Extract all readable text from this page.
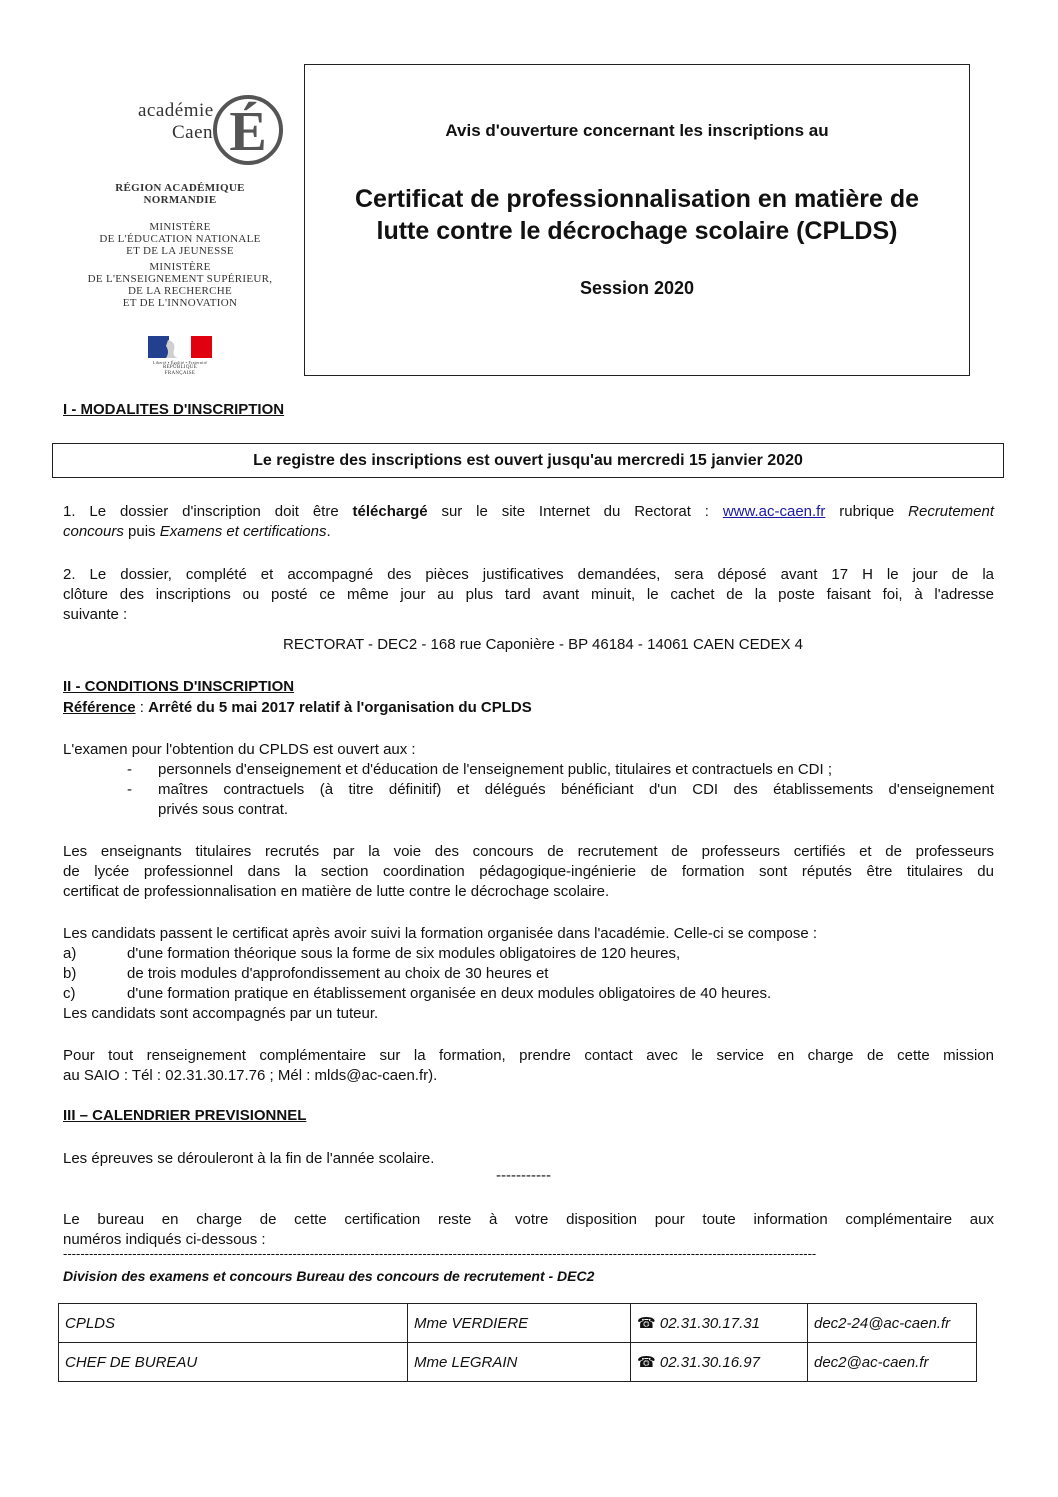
académie
Caen É
RÉGION ACADÉMIQUE
NORMANDIE
MINISTÈRE
DE L'ÉDUCATION NATIONALE
ET DE LA JEUNESSE
MINISTÈRE
DE L'ENSEIGNEMENT SUPÉRIEUR,
DE LA RECHERCHE
ET DE L'INNOVATION
Liberté • Égalité • Fraternité
RÉPUBLIQUE FRANÇAISE
Avis d'ouverture concernant les inscriptions au
Certificat de professionnalisation en matière de
lutte contre le décrochage scolaire (CPLDS)
Session 2020
I - MODALITES D'INSCRIPTION
Le registre des inscriptions est ouvert jusqu'au mercredi 15 janvier 2020
1. Le dossier d'inscription doit être téléchargé sur le site Internet du Rectorat : www.ac-caen.fr rubrique Recrutement
concours puis Examens et certifications.
2. Le dossier, complété et accompagné des pièces justificatives demandées, sera déposé avant 17 H le jour de la
clôture des inscriptions ou posté ce même jour au plus tard avant minuit, le cachet de la poste faisant foi, à l'adresse
suivante :
RECTORAT - DEC2 - 168 rue Caponière - BP 46184 - 14061 CAEN CEDEX 4
II - CONDITIONS D'INSCRIPTION
Référence : Arrêté du 5 mai 2017 relatif à l'organisation du CPLDS
L'examen pour l'obtention du CPLDS est ouvert aux :
- personnels d'enseignement et d'éducation de l'enseignement public, titulaires et contractuels en CDI ;
- maîtres contractuels (à titre définitif) et délégués bénéficiant d'un CDI des établissements d'enseignement
privés sous contrat.
Les enseignants titulaires recrutés par la voie des concours de recrutement de professeurs certifiés et de professeurs
de lycée professionnel dans la section coordination pédagogique-ingénierie de formation sont réputés être titulaires du
certificat de professionnalisation en matière de lutte contre le décrochage scolaire.
Les candidats passent le certificat après avoir suivi la formation organisée dans l'académie. Celle-ci se compose :
a)	d'une formation théorique sous la forme de six modules obligatoires de 120 heures,
b)	de trois modules d'approfondissement au choix de 30 heures et
c)	d'une formation pratique en établissement organisée en deux modules obligatoires de 40 heures.
Les candidats sont accompagnés par un tuteur.
Pour tout renseignement complémentaire sur la formation, prendre contact avec le service en charge de cette mission
au SAIO : Tél : 02.31.30.17.76 ; Mél : mlds@ac-caen.fr).
III – CALENDRIER PREVISIONNEL
Les épreuves se dérouleront à la fin de l'année scolaire.
-----------
Le bureau en charge de cette certification reste à votre disposition pour toute information complémentaire aux
numéros indiqués ci-dessous :
------------------------------------------------------------------------------------------------------------------------------------------------------------------------------
Division des examens et concours Bureau des concours de recrutement - DEC2
CPLDS	Mme VERDIERE	☎ 02.31.30.17.31	dec2-24@ac-caen.fr
CHEF DE BUREAU	Mme LEGRAIN	☎ 02.31.30.16.97	dec2@ac-caen.fr
